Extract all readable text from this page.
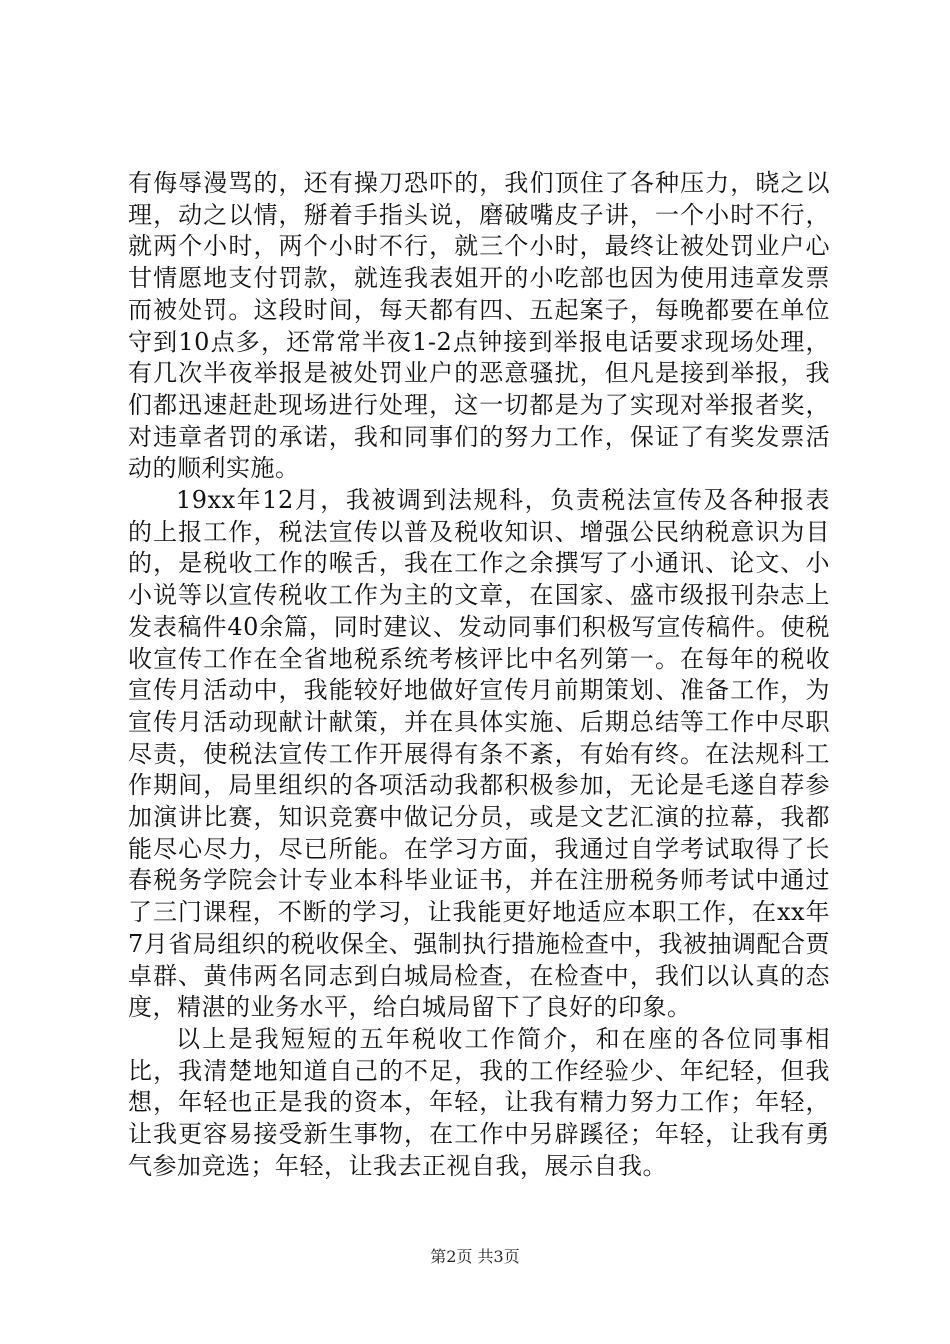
有侮辱漫骂的，还有操刀恐吓的，我们顶住了各种压力，晓之以理，动之以情，掰着手指头说，磨破嘴皮子讲，一个小时不行，就两个小时，两个小时不行，就三个小时，最终让被处罚业户心甘情愿地支付罚款，就连我表姐开的小吃部也因为使用违章发票而被处罚。这段时间，每天都有四、五起案子，每晚都要在单位守到10点多，还常常半夜1-2点钟接到举报电话要求现场处理，有几次半夜举报是被处罚业户的恶意骚扰，但凡是接到举报，我们都迅速赶赴现场进行处理，这一切都是为了实现对举报者奖，对违章者罚的承诺，我和同事们的努力工作，保证了有奖发票活动的顺利实施。

19xx年12月，我被调到法规科，负责税法宣传及各种报表的上报工作，税法宣传以普及税收知识、增强公民纳税意识为目的，是税收工作的喉舌，我在工作之余撰写了小通讯、论文、小小说等以宣传税收工作为主的文章，在国家、盛市级报刊杂志上发表稿件40余篇，同时建议、发动同事们积极写宣传稿件。使税收宣传工作在全省地税系统考核评比中名列第一。在每年的税收宣传月活动中，我能较好地做好宣传月前期策划、准备工作，为宣传月活动现献计献策，并在具体实施、后期总结等工作中尽职尽责，使税法宣传工作开展得有条不紊，有始有终。在法规科工作期间，局里组织的各项活动我都积极参加，无论是毛遂自荐参加演讲比赛，知识竞赛中做记分员，或是文艺汇演的拉幕，我都能尽心尽力，尽已所能。在学习方面，我通过自学考试取得了长春税务学院会计专业本科毕业证书，并在注册税务师考试中通过了三门课程，不断的学习，让我能更好地适应本职工作，在xx年7月省局组织的税收保全、强制执行措施检查中，我被抽调配合贾卓群、黄伟两名同志到白城局检查，在检查中，我们以认真的态度，精湛的业务水平，给白城局留下了良好的印象。

以上是我短短的五年税收工作简介，和在座的各位同事相比，我清楚地知道自己的不足，我的工作经验少、年纪轻，但我想，年轻也正是我的资本，年轻，让我有精力努力工作；年轻，让我更容易接受新生事物，在工作中另辟蹊径；年轻，让我有勇气参加竞选；年轻，让我去正视自我，展示自我。

第2页 共3页
